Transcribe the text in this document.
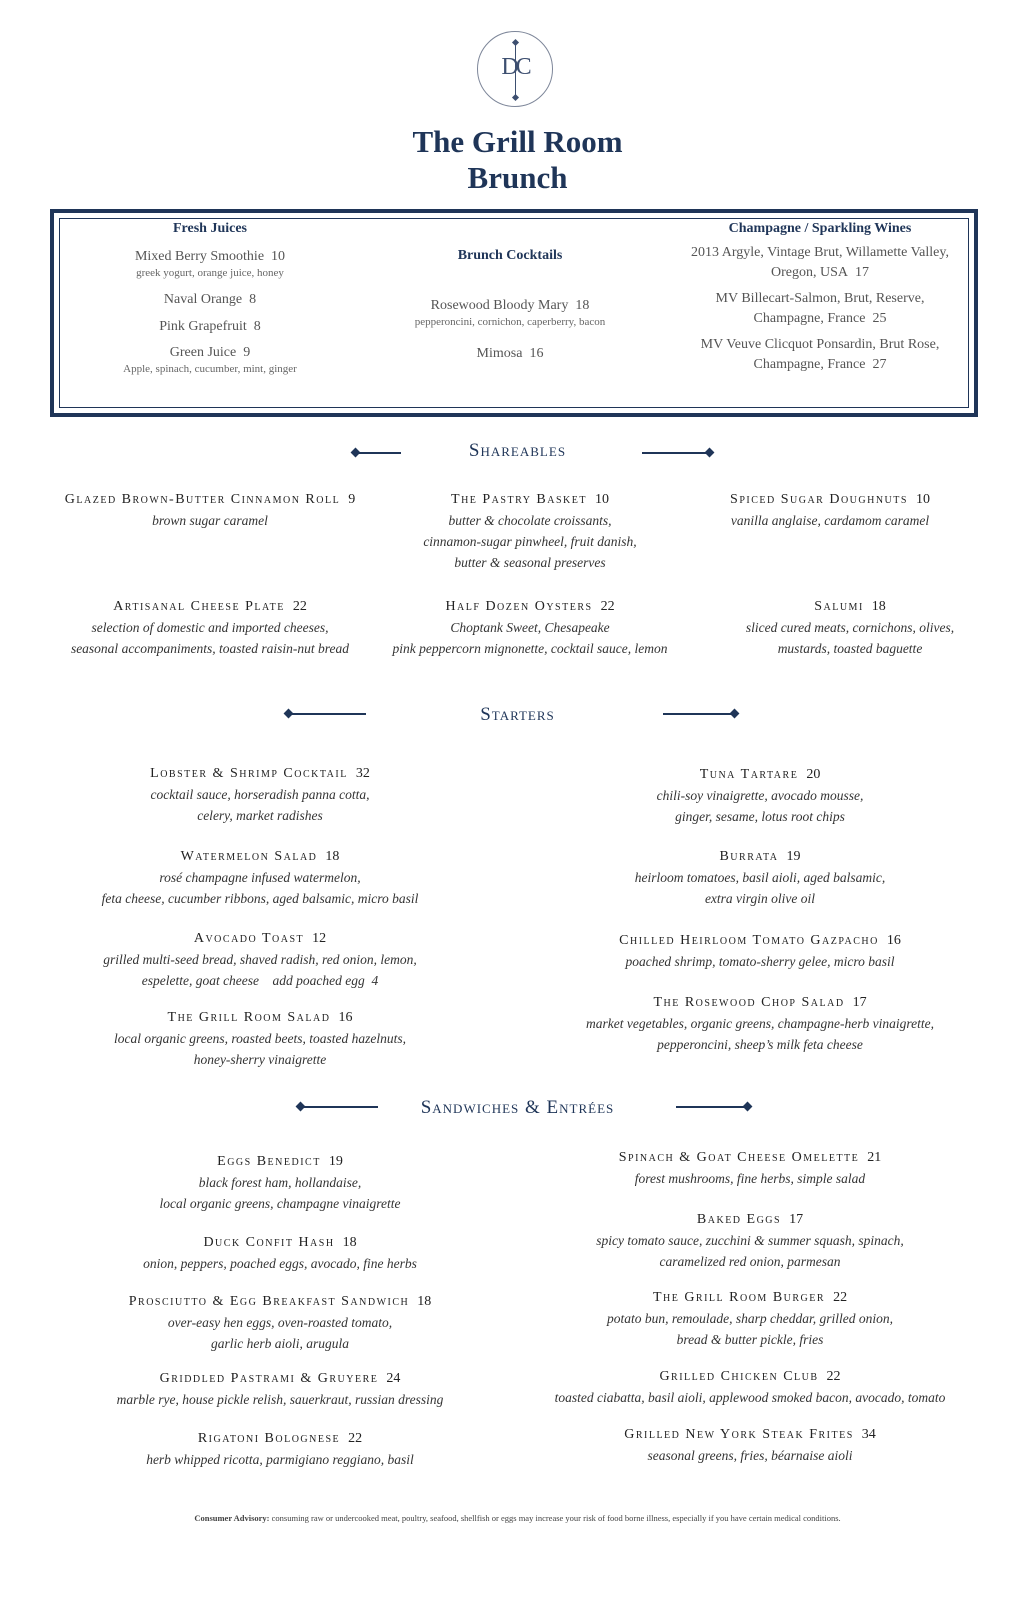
DC
The Grill Room
Brunch
Fresh Juices
Mixed Berry Smoothie 10
greek yogurt, orange juice, honey
Naval Orange 8
Pink Grapefruit 8
Green Juice 9
Apple, spinach, cucumber, mint, ginger
Brunch Cocktails
Rosewood Bloody Mary 18
pepperoncini, cornichon, caperberry, bacon
Mimosa 16
Champagne / Sparkling Wines
2013 Argyle, Vintage Brut, Willamette Valley,
Oregon, USA 17
MV Billecart-Salmon, Brut, Reserve,
Champagne, France 25
MV Veuve Clicquot Ponsardin, Brut Rose,
Champagne, France 27
Shareables
Glazed Brown-Butter Cinnamon Roll 9
brown sugar caramel
The Pastry Basket 10
butter & chocolate croissants,
cinnamon-sugar pinwheel, fruit danish,
butter & seasonal preserves
Spiced Sugar Doughnuts 10
vanilla anglaise, cardamom caramel
Artisanal Cheese Plate 22
selection of domestic and imported cheeses,
seasonal accompaniments, toasted raisin-nut bread
Half Dozen Oysters 22
Choptank Sweet, Chesapeake
pink peppercorn mignonette, cocktail sauce, lemon
Salumi 18
sliced cured meats, cornichons, olives,
mustards, toasted baguette
Starters
Lobster & Shrimp Cocktail 32
cocktail sauce, horseradish panna cotta,
celery, market radishes
Watermelon Salad 18
rosé champagne infused watermelon,
feta cheese, cucumber ribbons, aged balsamic, micro basil
Avocado Toast 12
grilled multi-seed bread, shaved radish, red onion, lemon,
espelette, goat cheese    add poached egg  4
The Grill Room Salad 16
local organic greens, roasted beets, toasted hazelnuts,
honey-sherry vinaigrette
Tuna Tartare 20
chili-soy vinaigrette, avocado mousse,
ginger, sesame, lotus root chips
Burrata 19
heirloom tomatoes, basil aioli, aged balsamic,
extra virgin olive oil
Chilled Heirloom Tomato Gazpacho 16
poached shrimp, tomato-sherry gelee, micro basil
The Rosewood Chop Salad 17
market vegetables, organic greens, champagne-herb vinaigrette,
pepperoncini, sheep’s milk feta cheese
Sandwiches & Entrées
Eggs Benedict 19
black forest ham, hollandaise,
local organic greens, champagne vinaigrette
Duck Confit Hash 18
onion, peppers, poached eggs, avocado, fine herbs
Prosciutto & Egg Breakfast Sandwich 18
over-easy hen eggs, oven-roasted tomato,
garlic herb aioli, arugula
Griddled Pastrami & Gruyere 24
marble rye, house pickle relish, sauerkraut, russian dressing
Rigatoni Bolognese 22
herb whipped ricotta, parmigiano reggiano, basil
Spinach & Goat Cheese Omelette 21
forest mushrooms, fine herbs, simple salad
Baked Eggs 17
spicy tomato sauce, zucchini & summer squash, spinach,
caramelized red onion, parmesan
The Grill Room Burger 22
potato bun, remoulade, sharp cheddar, grilled onion,
bread & butter pickle, fries
Grilled Chicken Club 22
toasted ciabatta, basil aioli, applewood smoked bacon, avocado, tomato
Grilled New York Steak Frites 34
seasonal greens, fries, béarnaise aioli
Consumer Advisory: consuming raw or undercooked meat, poultry, seafood, shellfish or eggs may increase your risk of food borne illness, especially if you have certain medical conditions.
